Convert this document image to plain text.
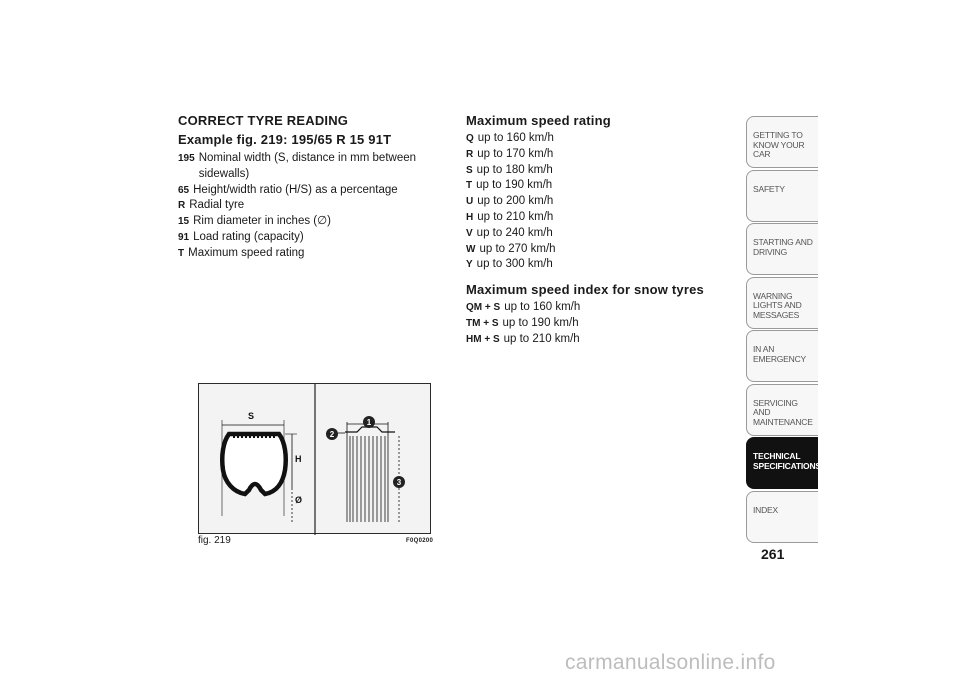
CORRECT TYRE READING
Example fig. 219: 195/65 R 15 91T
195 Nominal width (S, distance in mm between sidewalls)
65 Height/width ratio (H/S) as a percentage
R Radial tyre
15 Rim diameter in inches (∅)
91 Load rating (capacity)
T Maximum speed rating
Maximum speed rating
Q up to 160 km/h
R up to 170 km/h
S up to 180 km/h
T up to 190 km/h
U up to 200 km/h
H up to 210 km/h
V up to 240 km/h
W up to 270 km/h
Y up to 300 km/h
Maximum speed index for snow tyres
QM + S up to 160 km/h
TM + S up to 190 km/h
HM + S up to 210 km/h
S
H
Ø
1
2
3
fig. 219	F0Q0200
GETTING TO KNOW YOUR CAR
SAFETY
STARTING AND DRIVING
WARNING LIGHTS AND MESSAGES
IN AN EMERGENCY
SERVICING AND MAINTENANCE
TECHNICAL SPECIFICATIONS
INDEX
261
carmanualsonline.info
